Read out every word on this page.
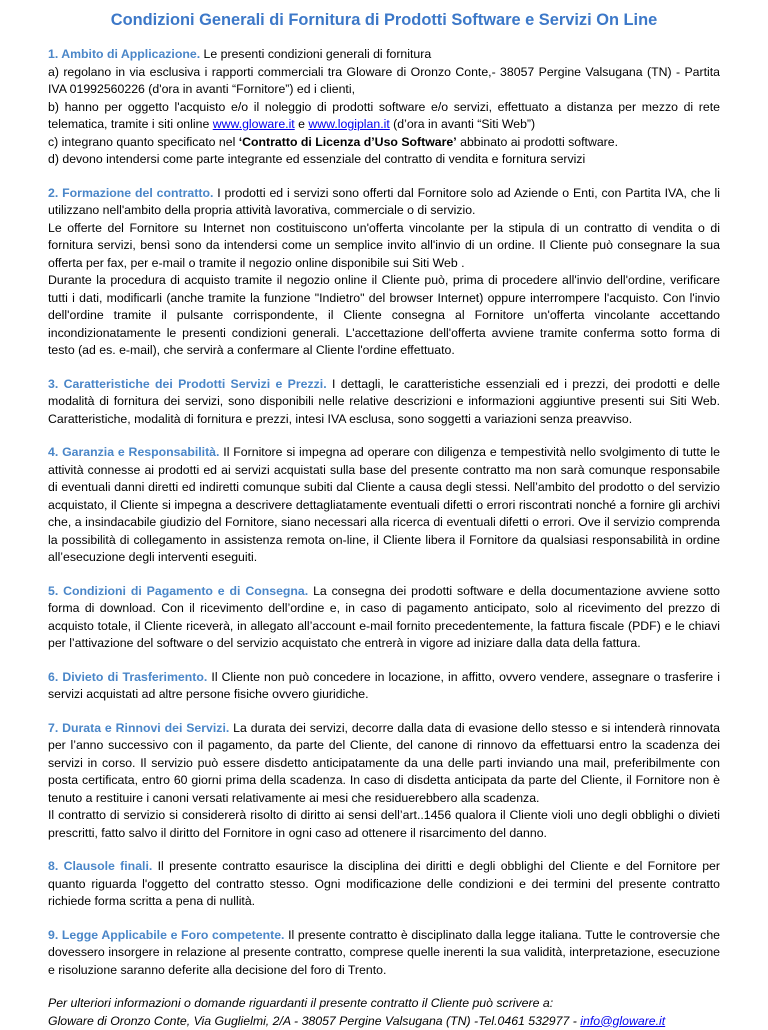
Condizioni Generali di Fornitura di Prodotti Software e Servizi On Line

1. Ambito di Applicazione. Le presenti condizioni generali di fornitura

a) regolano in via esclusiva i rapporti commerciali tra Gloware di Oronzo Conte,- 38057 Pergine Valsugana (TN) - Partita IVA 01992560226 (d'ora in avanti “Fornitore”) ed i clienti,

b) hanno per oggetto l'acquisto e/o il noleggio di prodotti software e/o servizi, effettuato a distanza per mezzo di rete telematica, tramite i siti online www.gloware.it e www.logiplan.it (d’ora in avanti “Siti Web”)

c) integrano quanto specificato nel ‘Contratto di Licenza d’Uso Software’ abbinato ai prodotti software.

d) devono intendersi come parte integrante ed essenziale del contratto di vendita e fornitura servizi

2. Formazione del contratto. I prodotti ed i servizi sono offerti dal Fornitore solo ad Aziende o Enti, con Partita IVA, che li utilizzano nell'ambito della propria attività lavorativa, commerciale o di servizio.

Le offerte del Fornitore su Internet non costituiscono un'offerta vincolante per la stipula di un contratto di vendita o di fornitura servizi, bensì sono da intendersi come un semplice invito all'invio di un ordine. Il Cliente può consegnare la sua offerta per fax, per e-mail o tramite il negozio online disponibile sui Siti Web .

Durante la procedura di acquisto tramite il negozio online il Cliente può, prima di procedere all'invio dell'ordine, verificare tutti i dati, modificarli (anche tramite la funzione "Indietro" del browser Internet) oppure interrompere l'acquisto. Con l'invio dell'ordine tramite il pulsante corrispondente, il Cliente consegna al Fornitore un'offerta vincolante accettando incondizionatamente le presenti condizioni generali. L'accettazione dell'offerta avviene tramite conferma sotto forma di testo (ad es. e-mail), che servirà a confermare al Cliente l'ordine effettuato.

3. Caratteristiche dei Prodotti Servizi e Prezzi. I dettagli, le caratteristiche essenziali ed i prezzi, dei prodotti e delle modalità di fornitura dei servizi, sono disponibili nelle relative descrizioni e informazioni aggiuntive presenti sui Siti Web. Caratteristiche, modalità di fornitura e prezzi, intesi IVA esclusa, sono soggetti a variazioni senza preavviso.

4. Garanzia e Responsabilità. Il Fornitore si impegna ad operare con diligenza e tempestività nello svolgimento di tutte le attività connesse ai prodotti ed ai servizi acquistati sulla base del presente contratto ma non sarà comunque responsabile di eventuali danni diretti ed indiretti comunque subiti dal Cliente a causa degli stessi. Nell’ambito del prodotto o del servizio acquistato, il Cliente si impegna a descrivere dettagliatamente eventuali difetti o errori riscontrati nonché a fornire gli archivi che, a insindacabile giudizio del Fornitore, siano necessari alla ricerca di eventuali difetti o errori. Ove il servizio comprenda la possibilità di collegamento in assistenza remota on-line, il Cliente libera il Fornitore da qualsiasi responsabilità in ordine all’esecuzione degli interventi eseguiti.

5. Condizioni di Pagamento e di Consegna. La consegna dei prodotti software e della documentazione avviene sotto forma di download. Con il ricevimento dell’ordine e, in caso di pagamento anticipato, solo al ricevimento del prezzo di acquisto totale, il Cliente riceverà, in allegato all’account e-mail fornito precedentemente, la fattura fiscale (PDF) e le chiavi per l’attivazione del software o del servizio acquistato che entrerà in vigore ad iniziare dalla data della fattura.

6. Divieto di Trasferimento. Il Cliente non può concedere in locazione, in affitto, ovvero vendere, assegnare o trasferire i servizi acquistati ad altre persone fisiche ovvero giuridiche.

7. Durata e Rinnovi dei Servizi. La durata dei servizi, decorre dalla data di evasione dello stesso e si intenderà rinnovata per l’anno successivo con il pagamento, da parte del Cliente, del canone di rinnovo da effettuarsi entro la scadenza dei servizi in corso. Il servizio può essere disdetto anticipatamente da una delle parti inviando una mail, preferibilmente con posta certificata, entro 60 giorni prima della scadenza. In caso di disdetta anticipata da parte del Cliente, il Fornitore non è tenuto a restituire i canoni versati relativamente ai mesi che residuerebbero alla scadenza.

Il contratto di servizio si considererà risolto di diritto ai sensi dell’art..1456 qualora il Cliente violi uno degli obblighi o divieti prescritti, fatto salvo il diritto del Fornitore in ogni caso ad ottenere il risarcimento del danno.

8. Clausole finali. Il presente contratto esaurisce la disciplina dei diritti e degli obblighi del Cliente e del Fornitore per quanto riguarda l'oggetto del contratto stesso. Ogni modificazione delle condizioni e dei termini del presente contratto richiede forma scritta a pena di nullità.

9. Legge Applicabile e Foro competente. Il presente contratto è disciplinato dalla legge italiana. Tutte le controversie che dovessero insorgere in relazione al presente contratto, comprese quelle inerenti la sua validità, interpretazione, esecuzione e risoluzione saranno deferite alla decisione del foro di Trento.

Per ulteriori informazioni o domande riguardanti il presente contratto il Cliente può scrivere a:
Gloware di Oronzo Conte, Via Guglielmi, 2/A - 38057 Pergine Valsugana (TN) -Tel.0461 532977 - info@gloware.it
